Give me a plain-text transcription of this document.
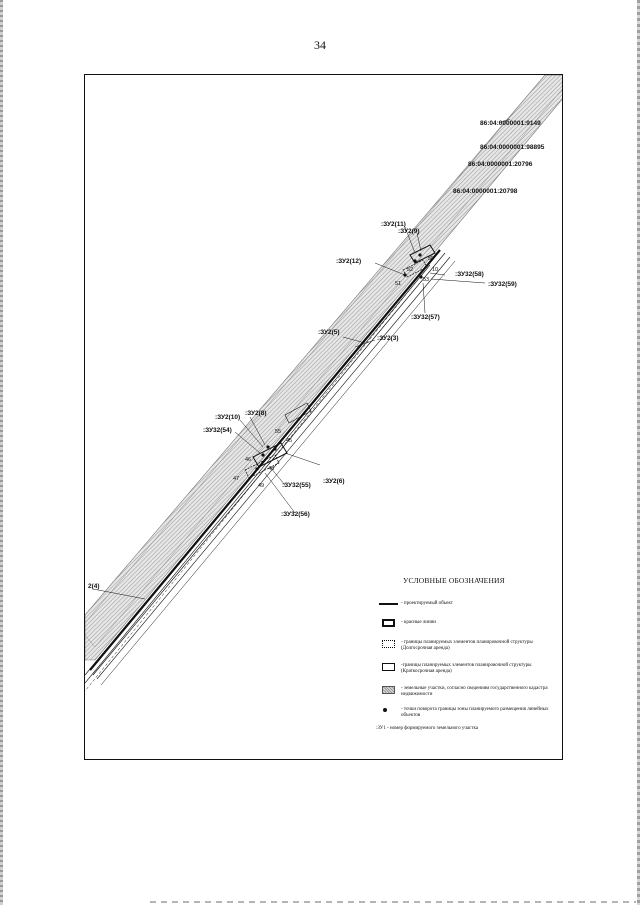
34
86:04:0000001:9149
86:04:0000001:98895
86:04:0000001:20796
86:04:0000001:20798
:ЗУ2(11)
:ЗУ2(9)
:ЗУ2(12)
:ЗУ32(58)
:ЗУ32(59)
:ЗУ32(57)
:ЗУ2(5)
:ЗУ2(3)
:ЗУ2(10)
:ЗУ2(8)
:ЗУ32(54)
:ЗУ2(6)
:ЗУ32(55)
:ЗУ32(56)
2(4)
50
10
51
52
53
45
46
47
48
49
55
УСЛОВНЫЕ ОБОЗНАЧЕНИЯ
- проектируемый объект
- красные линии
- границы планируемых элементов планировочной структуры (Долгосрочная аренда)
-границы планируемых элементов планировочной структуры (Краткосрочная аренда)
- земельные участки, согласно сведениям государственного кадастра недвижимости
- точки поворота границы зоны планируемого размещения линейных объектов
:ЗУ1 - номер формируемого земельного участка
